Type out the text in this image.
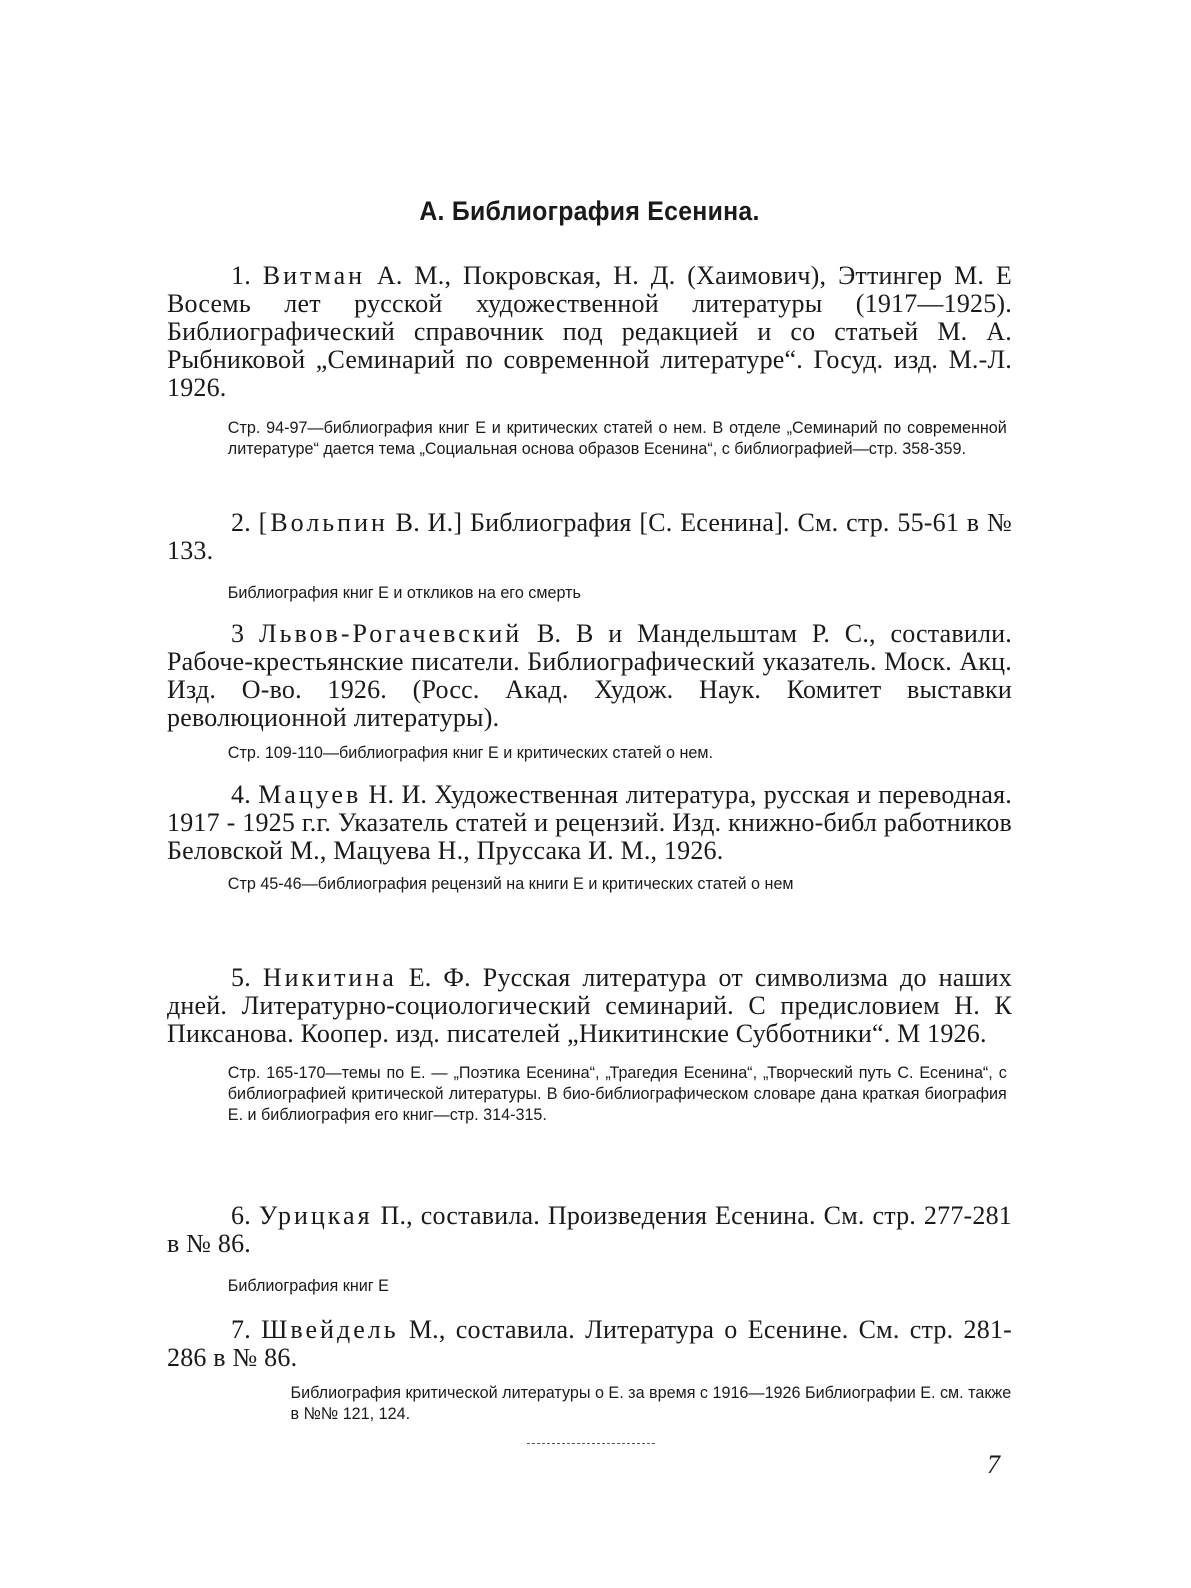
А. Библиография Есенина.

1. Витман А. М., Покровская, Н. Д. (Хаимович), Эттингер М. Е Восемь лет русской художественной литературы (1917—1925). Библиографический справочник под редакцией и со статьей М. А. Рыбниковой „Семинарий по современной литературе“. Госуд. изд. М.-Л. 1926.

Стр. 94-97—библиография книг Е и критических статей о нем. В отделе „Семинарий по современной литературе“ дается тема „Социальная основа образов Есенина“, с библиографией—стр. 358-359.

2. [Вольпин В. И.] Библиография [С. Есенина]. См. стр. 55-61 в № 133.

Библиография книг Е и откликов на его смерть

3 Львов-Рогачевский В. В и Мандельштам Р. С., составили. Рабоче-крестьянские писатели. Библиографический указатель. Моск. Акц. Изд. О-во. 1926. (Росс. Акад. Худож. Наук. Комитет выставки революционной литературы).

Стр. 109-110—библиография книг Е и критических статей о нем.

4. Мацуев Н. И. Художественная литература, русская и переводная. 1917 - 1925 г.г. Указатель статей и рецензий. Изд. книжно-библ работников Беловской М., Мацуева Н., Пруссака И. М., 1926.

Стр 45-46—библиография рецензий на книги Е и критических статей о нем

5. Никитина Е. Ф. Русская литература от символизма до наших дней. Литературно-социологический семинарий. С предисловием Н. К Пиксанова. Коопер. изд. писателей „Никитинские Субботники“. М 1926.

Стр. 165-170—темы по Е. — „Поэтика Есенина“, „Трагедия Есенина“, „Творческий путь С. Есенина“, с библиографией критической литературы. В био-библиографическом словаре дана краткая биография Е. и библиография его книг—стр. 314-315.

6. Урицкая П., составила. Произведения Есенина. См. стр. 277-281 в № 86.

Библиография книг Е

7. Швейдель М., составила. Литература о Есенине. См. стр. 281-286 в № 86.

Библиография критической литературы о Е. за время с 1916—1926 Библиографии Е. см. также в №№ 121, 124.

7
